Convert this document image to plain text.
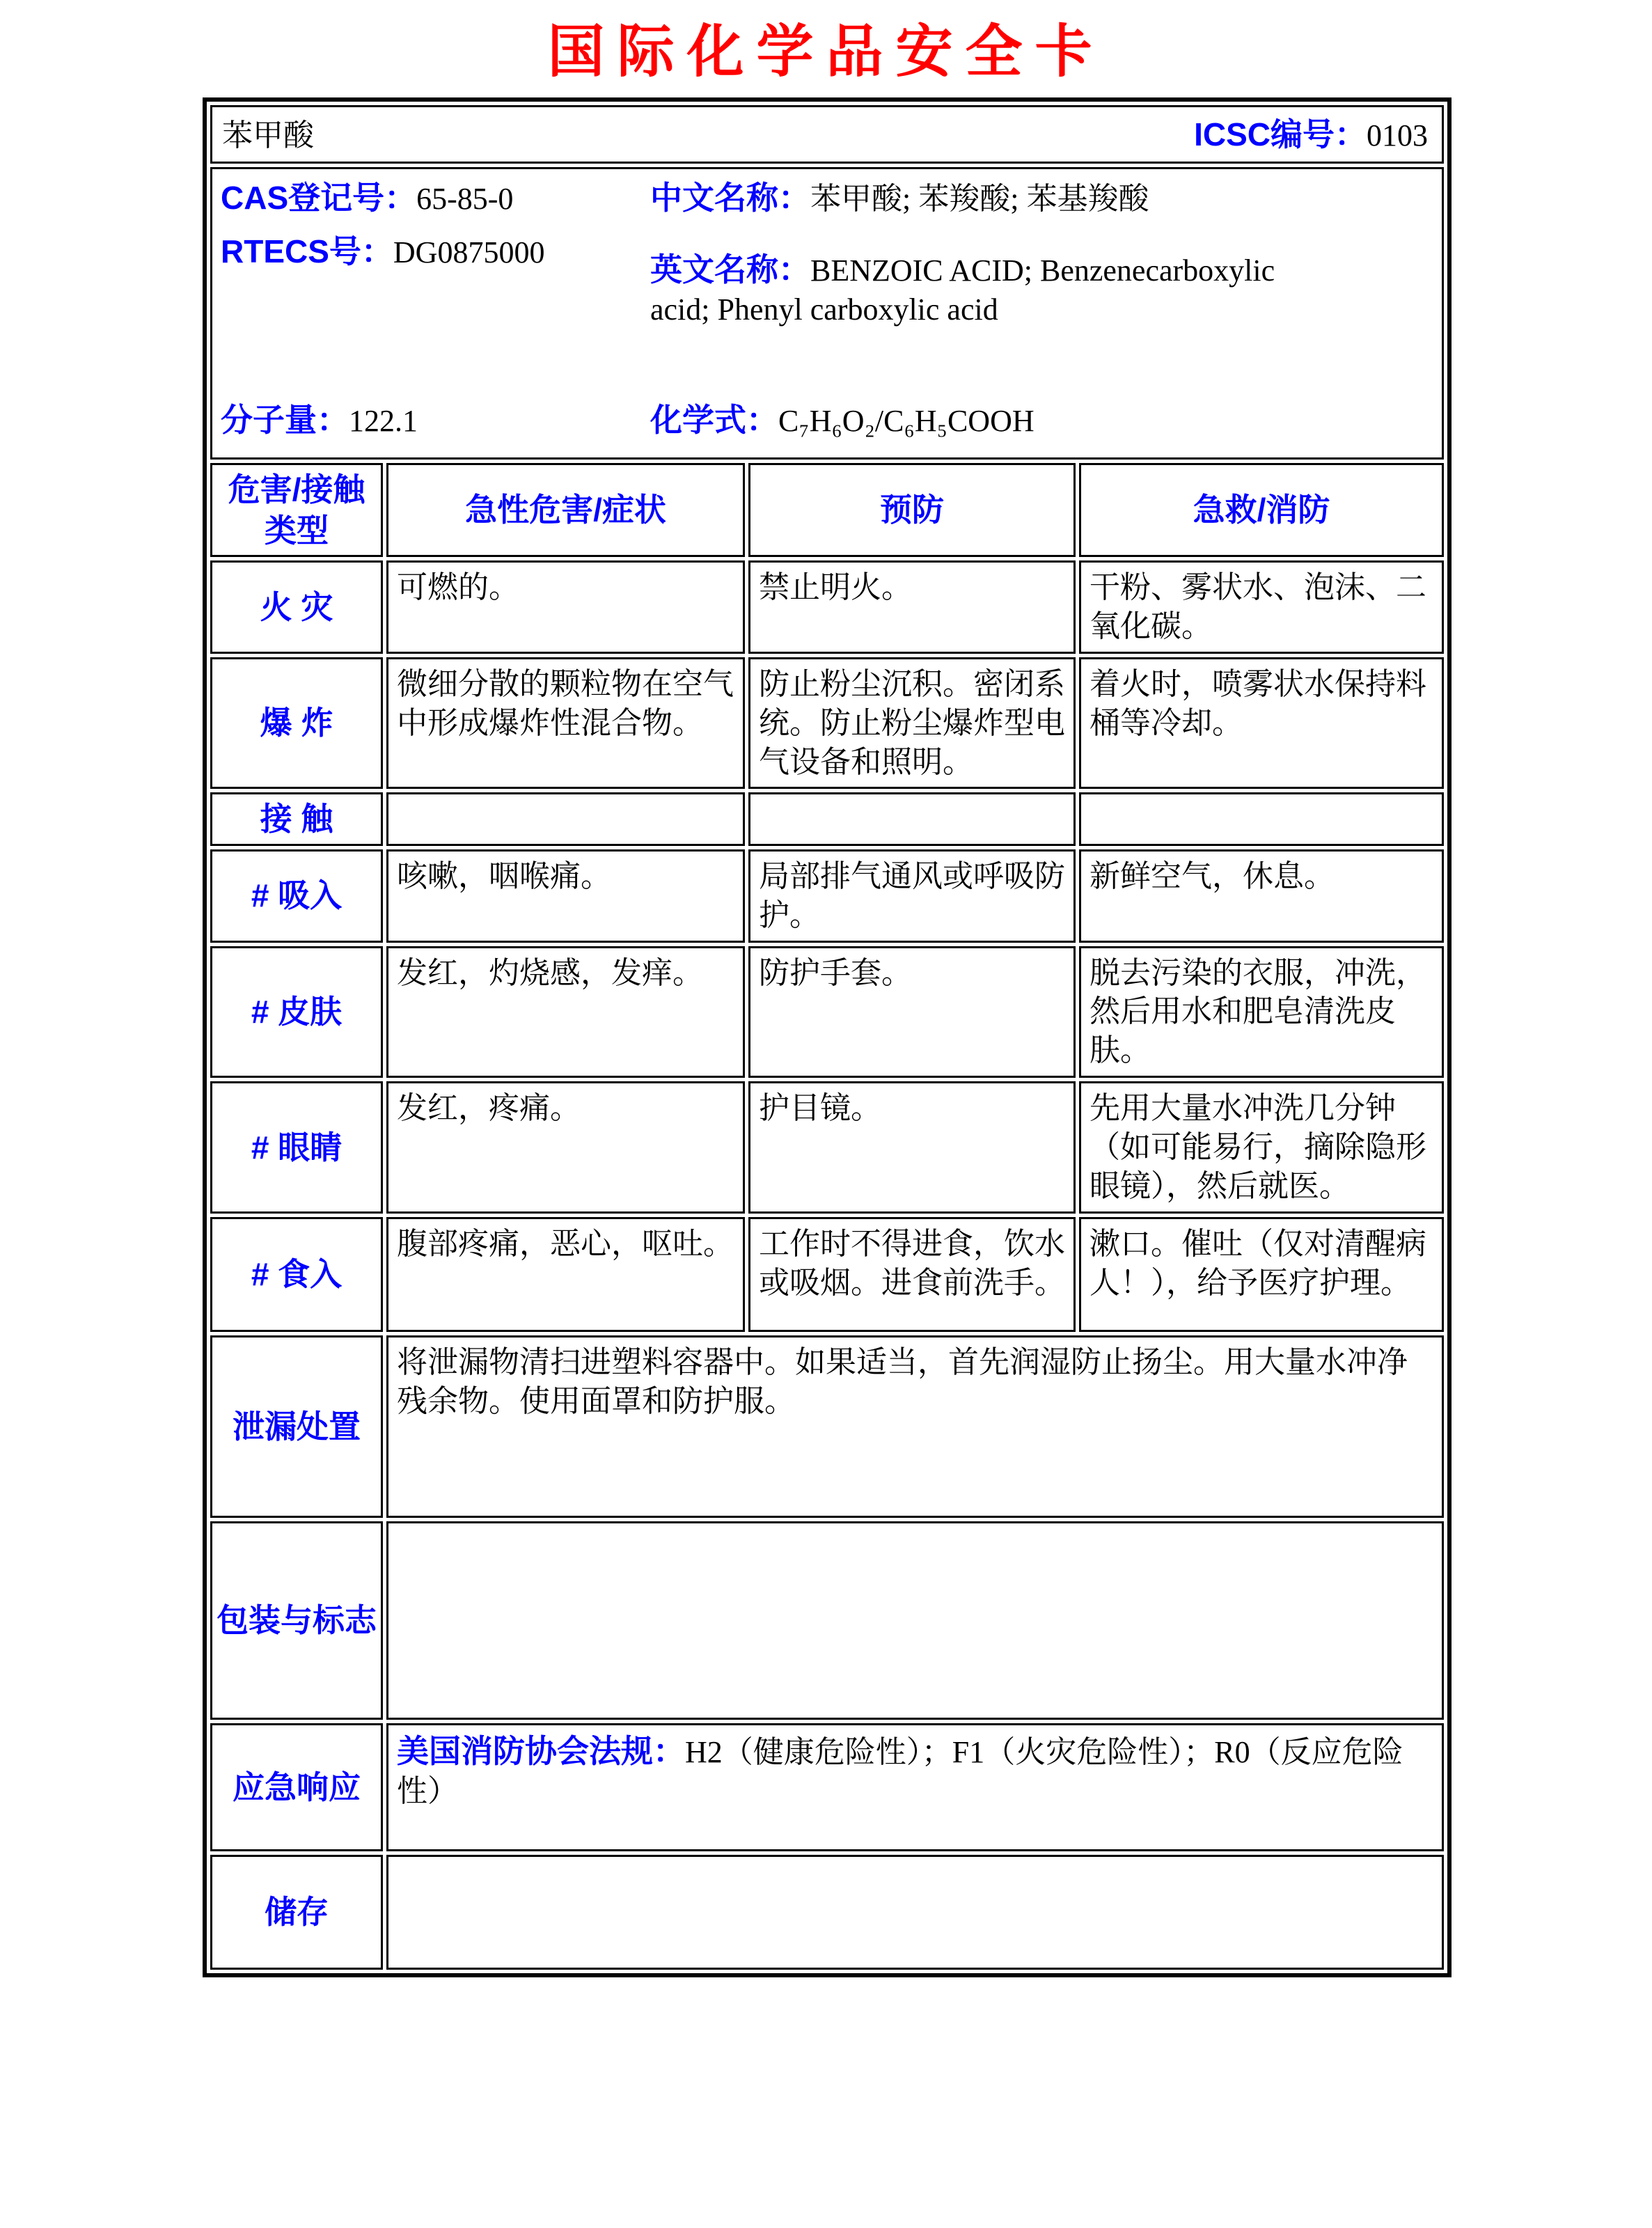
国际化学品安全卡
苯甲酸 ICSC编号：0103			

CAS登记号：65-85-0

RTECS号：DG0875000

分子量：122.1

中文名称：苯甲酸; 苯羧酸; 苯基羧酸

英文名称：BENZOIC ACID; Benzenecarboxylic acid; Phenyl carboxylic acid

化学式：C₇H₆O₂/C₆H₅COOH

危害/接触类型	急性危害/症状	预防	急救/消防
火 灾	可燃的。	禁止明火。	干粉、雾状水、泡沫、二氧化碳。
爆 炸	微细分散的颗粒物在空气中形成爆炸性混合物。	防止粉尘沉积。密闭系统。防止粉尘爆炸型电气设备和照明。	着火时，喷雾状水保持料桶等冷却。
接 触			
# 吸入	咳嗽，咽喉痛。	局部排气通风或呼吸防护。	新鲜空气，休息。
# 皮肤	发红，灼烧感，发痒。	防护手套。	脱去污染的衣服，冲洗，然后用水和肥皂清洗皮肤。
# 眼睛	发红，疼痛。	护目镜。	先用大量水冲洗几分钟（如可能易行，摘除隐形眼镜），然后就医。
# 食入	腹部疼痛，恶心，呕吐。	工作时不得进食，饮水或吸烟。进食前洗手。	漱口。催吐（仅对清醒病人！），给予医疗护理。
泄漏处置	将泄漏物清扫进塑料容器中。如果适当，首先润湿防止扬尘。用大量水冲净残余物。使用面罩和防护服。		
包装与标志			
应急响应	美国消防协会法规：H2（健康危险性）；F1（火灾危险性）；R0（反应危险性）		
储存			
